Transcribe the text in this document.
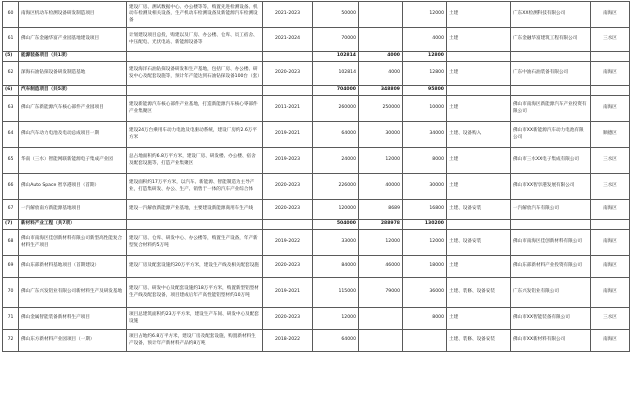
60	南海区机动车检测设备研发制造项目	建设厂房、测试数据中心、办公楼等等，购置先进检测设备、机动车检测及相关设备，生产机动车检测设备及新能源汽车检测设备	2021-2023	50000		12000	土建	广东XX检测科技有限公司	南海区
61	佛山广东金融华富产业园基地建设项目	计划建设项目总投，购建以及厂房、办公楼、仓库、员工宿舍、中压配电、光伏电站、新能源设备等	2021-2024	70000		4000	土建	广东金融华富建筑工程有限公司	三水区
(5)	能源装备项目（共1项）			102814	4000	12800			
62	深海石油钻探设备研发制造基地	建设海洋石油钻探设备研发和生产基地，包括厂房、办公楼、研发中心及配套设施等，预计年产能达到石油钻探设备100台（套）	2020-2023	102814	4000	12800	土建	广东中油石油装备有限公司	南海区
(6)	汽车制造项目（共5项）			704000	348809	95800			
63	佛山广东新能源汽车核心部件产业园项目	建设新能源汽车核心部件产业基地，打造新能源汽车核心零部件产业集聚区	2011-2021	260000	250000	10000	土建	佛山市南海区新能源汽车产业投资有限公司	南海区
64	佛山汽车动力电池及电动总成项目一期	建设24万台乘用车动力电池及电驱动系统，建设厂房约2.6万平方米	2019-2021	64000	30000	34000	土建、设备购入	佛山市XX新能源汽车动力电池有限公司	顺德区
65	华南（三水）智能网联新能源电子集成产业园	总占地面积约6.8万平方米，建设厂房、研发楼、办公楼、宿舍及配套设施等，打造产业集聚区	2019-2023	24000	12000	8000	土建	佛山市三水XX电子集成有限公司	三水区
66	佛山Auto Space 智享港项目（首期）	建设面积约17万平方米，以汽车、新能源、智能制造为主导产业，打造集研发、办公、生产、销售于一体的汽车产业综合体	2020-2023	226000	40000	30000	土建	佛山市XX智享港发展有限公司	三水区
67	一汽解放南方新能源基地项目	建设一汽解放新能源产业基地，主要建设新能源商用车生产线	2020-2023	120000	8689	16800	土建、设备安装	一汽解放汽车有限公司	南海区
(7)	新材料产业工程（共7项）			504000	288978	130200			
68	佛山市南海区佳创新材料有限公司新型高性能复合材料生产项目	建设厂房、仓库、研发中心、办公楼等，购置生产设备，年产新型复合材料约5万吨	2019-2022	33000	12000	12000	土建、设备安装	佛山市南海区佳创新材料有限公司	南海区
69	佛山东部新材料基地项目（首期建设）	建设厂房及配套设施约20万平方米，建设生产线及相关配套设施	2020-2023	84000	46000	18000	土建	佛山东部新材料产业投资有限公司	南海区
70	佛山广东兴发铝业有限公司新材料生产及研发基地	建设厂房、研发中心及配套设施约18万平方米，购置新型铝型材生产线及配套设备，项目建成后年产高性能铝型材约10万吨	2019-2021	115000	79000	36000	土建、装修、设备安装	广东兴发铝业有限公司	南海区
71	佛山金属智能装备新材料生产项目	项目总建筑面积约23万平方米，建设生产车间、研发中心及配套设施	2020-2023	12000		8000	土建	佛山市XX智能装备有限公司	三水区
72	佛山东方新材料产业园项目（一期）	项目占地约6.8万平方米，建设厂房及配套设施，购置新材料生产设备，预计年产新材料产品约8万吨	2018-2022	64000			土建、装修、设备安装	佛山市XX新材料有限公司	南海区
